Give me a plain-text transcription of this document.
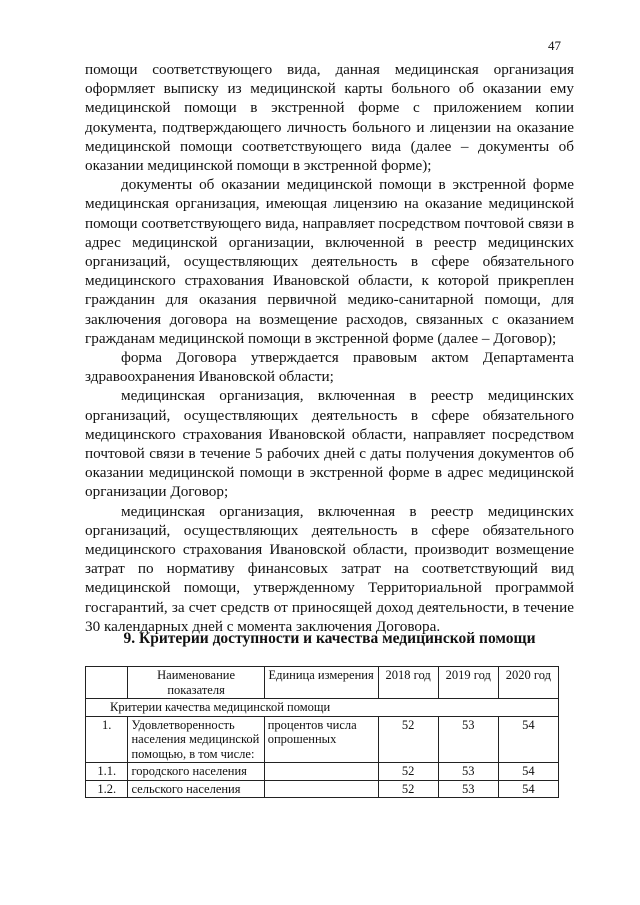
47

помощи соответствующего вида, данная медицинская организация оформляет выписку из медицинской карты больного об оказании ему медицинской помощи в экстренной форме с приложением копии документа, подтверждающего личность больного и лицензии на оказание медицинской помощи соответствующего вида (далее – документы об оказании медицинской помощи в экстренной форме);

документы об оказании медицинской помощи в экстренной форме медицинская организация, имеющая лицензию на оказание медицинской помощи соответствующего вида, направляет посредством почтовой связи в адрес медицинской организации, включенной в реестр медицинских организаций, осуществляющих деятельность в сфере обязательного медицинского страхования Ивановской области, к которой прикреплен гражданин для оказания первичной медико-санитарной помощи, для заключения договора на возмещение расходов, связанных с оказанием гражданам медицинской помощи в экстренной форме (далее – Договор);

форма Договора утверждается правовым актом Департамента здравоохранения Ивановской области;

медицинская организация, включенная в реестр медицинских организаций, осуществляющих деятельность в сфере обязательного медицинского страхования Ивановской области, направляет посредством почтовой связи в течение 5 рабочих дней с даты получения документов об оказании медицинской помощи в экстренной форме в адрес медицинской организации Договор;

медицинская организация, включенная в реестр медицинских организаций, осуществляющих деятельность в сфере обязательного медицинского страхования Ивановской области, производит возмещение затрат по нормативу финансовых затрат на соответствующий вид медицинской помощи, утвержденному Территориальной программой госгарантий, за счет средств от приносящей доход деятельности, в течение 30 календарных дней с момента заключения Договора.

9. Критерии доступности и качества медицинской помощи
	Наименование показателя	Единица измерения	2018 год	2019 год	2020 год
Критерии качества медицинской помощи					
1.	Удовлетворенность населения медицинской помощью, в том числе:	процентов числа опрошенных	52	53	54
1.1.	городского населения		52	53	54
1.2.	сельского населения		52	53	54
